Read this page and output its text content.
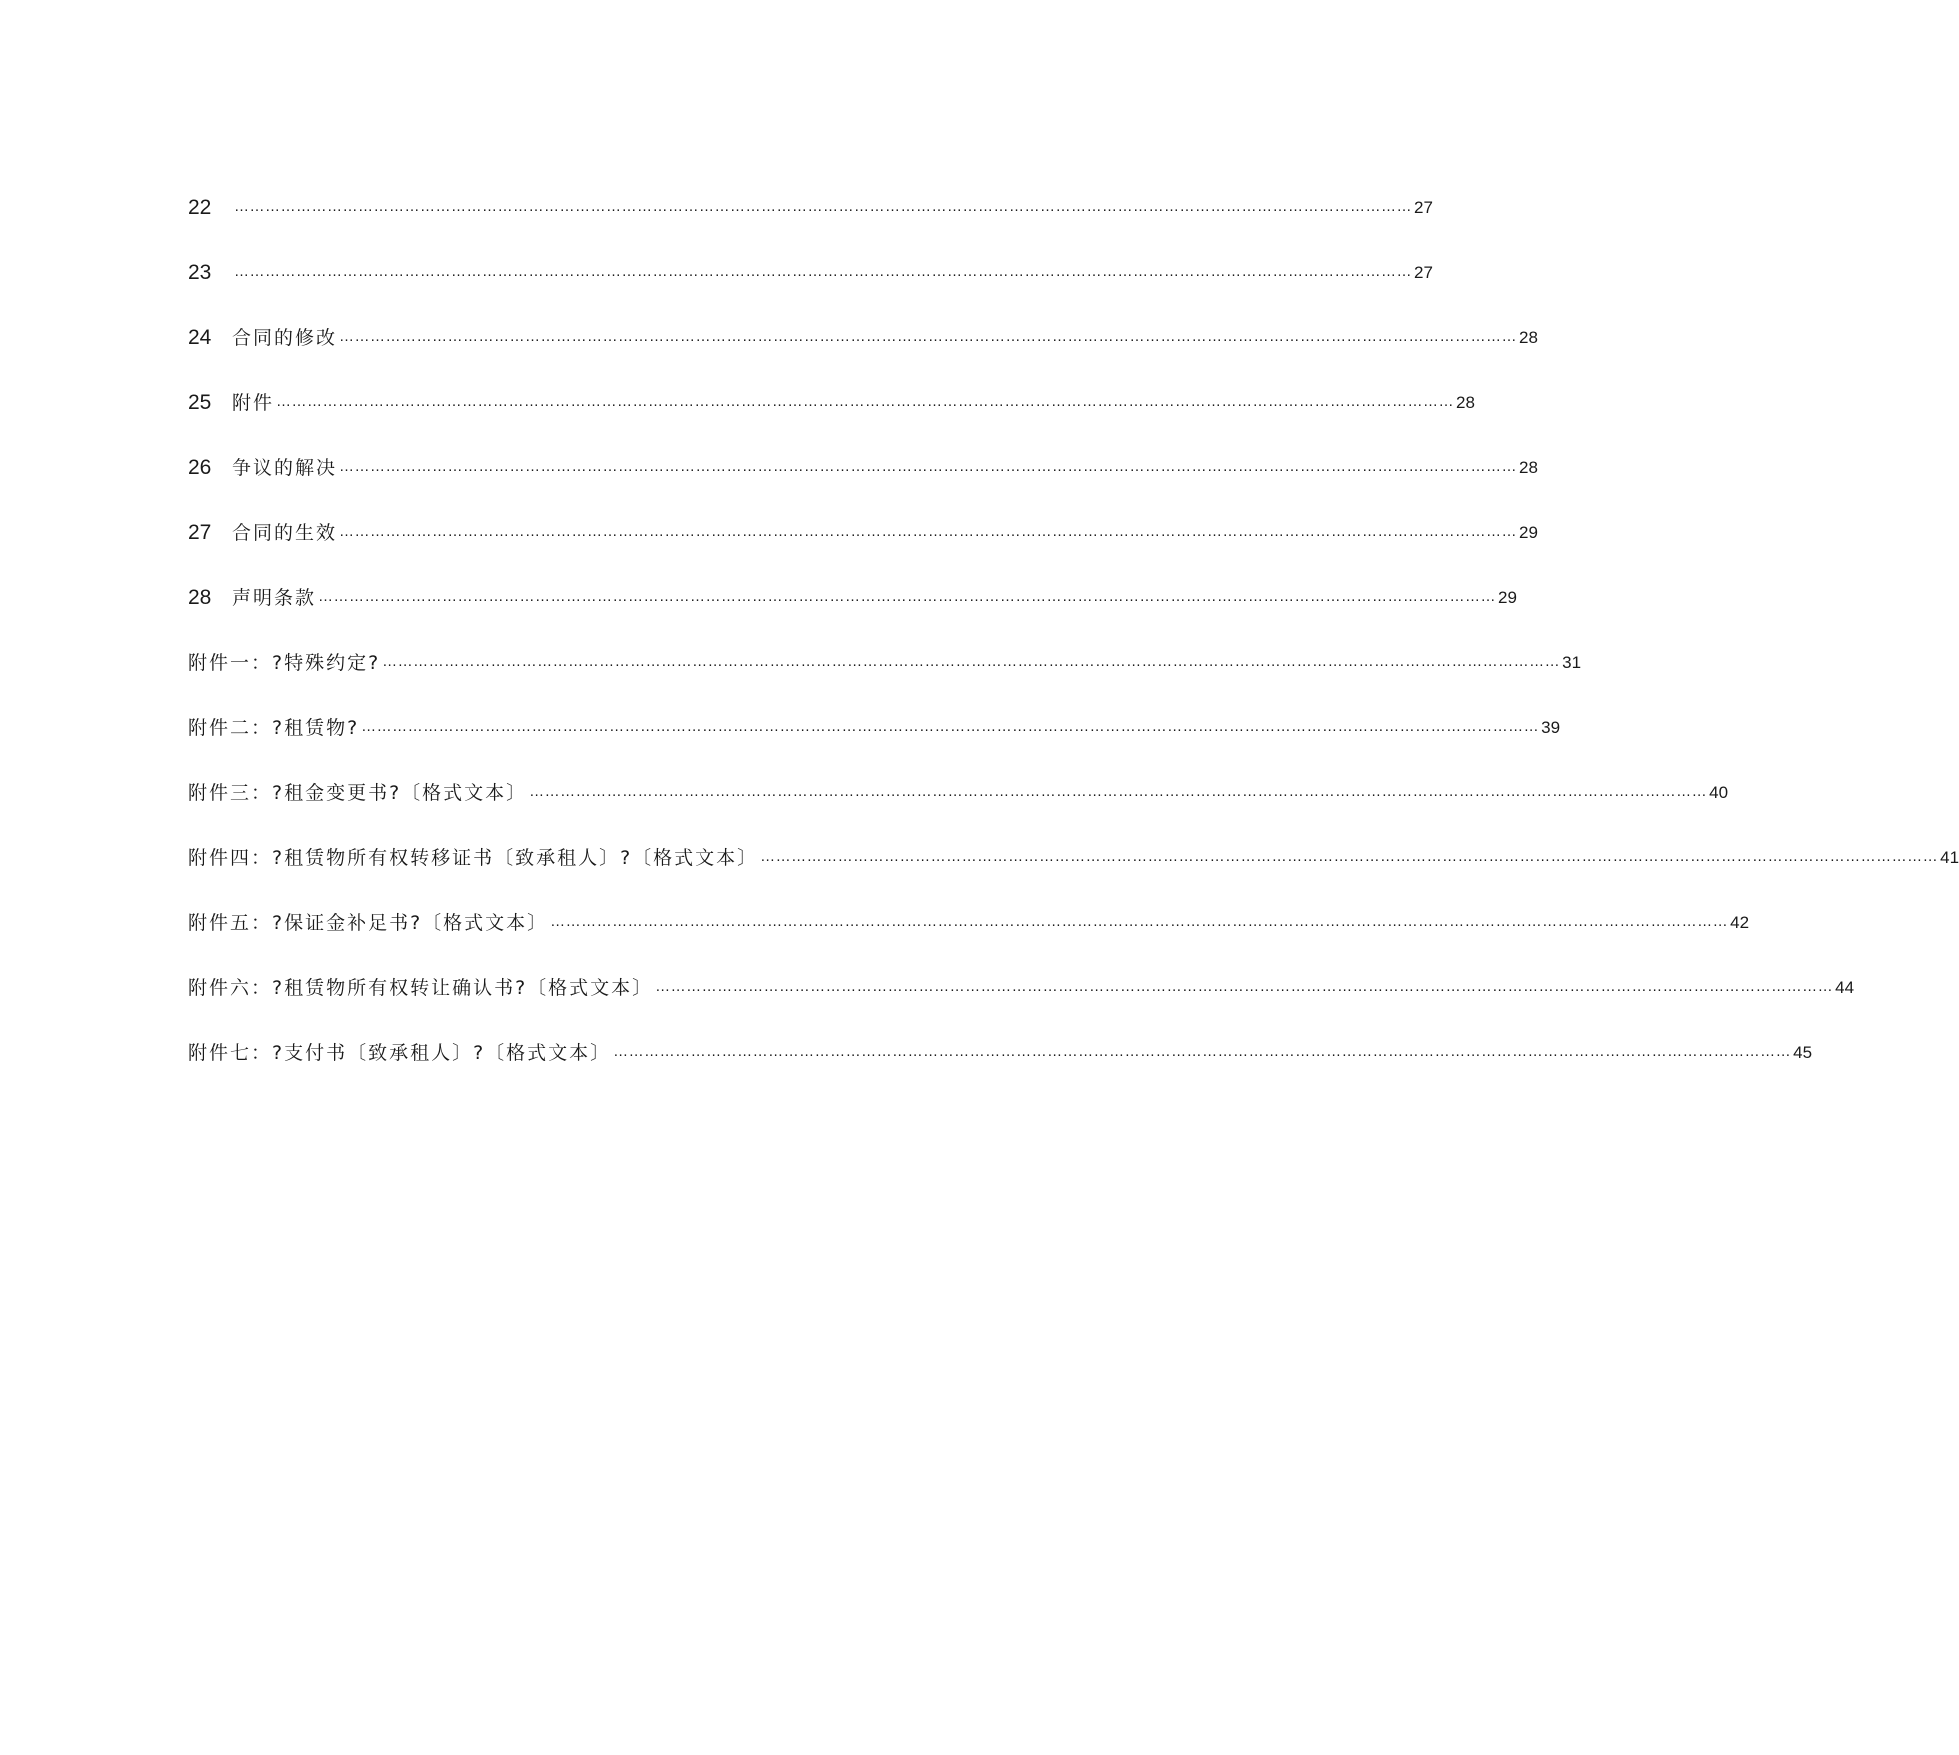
22	………………………………………………………………………………………………………………………………………………………………………………………………………… 27
23	………………………………………………………………………………………………………………………………………………………………………………………………………… 27
24	合同的修改 ………………………………………………………………………………………………………………………………………………………………………………………………………… 28
25	附件 ………………………………………………………………………………………………………………………………………………………………………………………………………… 28
26	争议的解决 ………………………………………………………………………………………………………………………………………………………………………………………………………… 28
27	合同的生效 ………………………………………………………………………………………………………………………………………………………………………………………………………… 29
28	声明条款 ………………………………………………………………………………………………………………………………………………………………………………………………………… 29
附件一：?特殊约定? ………………………………………………………………………………………………………………………………………………………………………………………………………… 31
附件二：?租赁物? ………………………………………………………………………………………………………………………………………………………………………………………………………… 39
附件三：?租金变更书?〔格式文本〕 ………………………………………………………………………………………………………………………………………………………………………………………………………… 40
附件四：?租赁物所有权转移证书〔致承租人〕?〔格式文本〕 ………………………………………………………………………………………………………………………………………………………………………………………………………… 41
附件五：?保证金补足书?〔格式文本〕 ………………………………………………………………………………………………………………………………………………………………………………………………………… 42
附件六：?租赁物所有权转让确认书?〔格式文本〕 ………………………………………………………………………………………………………………………………………………………………………………………………………… 44
附件七：?支付书〔致承租人〕?〔格式文本〕 ………………………………………………………………………………………………………………………………………………………………………………………………………… 45
